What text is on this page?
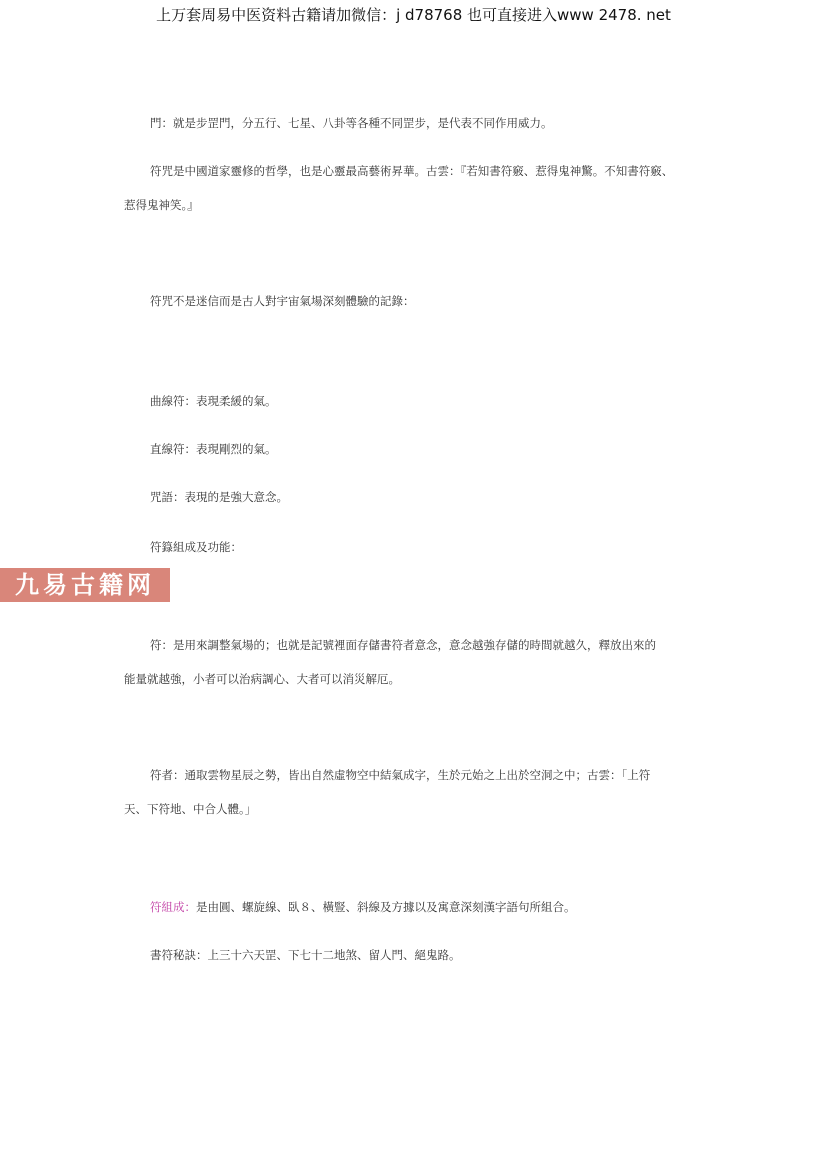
上万套周易中医资料古籍请加微信：j d78768 也可直接进入www 2478. net
門：就是步罡門，分五行、七星、八卦等各種不同罡步，是代表不同作用威力。
符咒是中國道家靈修的哲學，也是心靈最高藝術昇華。古雲：『若知書符竅、惹得鬼神驚。不知書符竅、
惹得鬼神笑。』
符咒不是迷信而是古人對宇宙氣場深刻體驗的記錄：
曲線符：表現柔緩的氣。
直線符：表現剛烈的氣。
咒語：表現的是強大意念。
符籙組成及功能：
九易古籍网
符：是用來調整氣場的；也就是記號裡面存儲書符者意念，意念越強存儲的時間就越久，釋放出來的
能量就越強，小者可以治病調心、大者可以消災解厄。
符者：通取雲物星辰之勢，皆出自然虛物空中結氣成字，生於元始之上出於空洞之中；古雲：「上符
天、下符地、中合人體。」
符組成：是由圓、螺旋線、臥８、橫豎、斜線及方據以及寓意深刻漢字語句所組合。
書符秘訣：上三十六天罡、下七十二地煞、留人門、絕鬼路。
